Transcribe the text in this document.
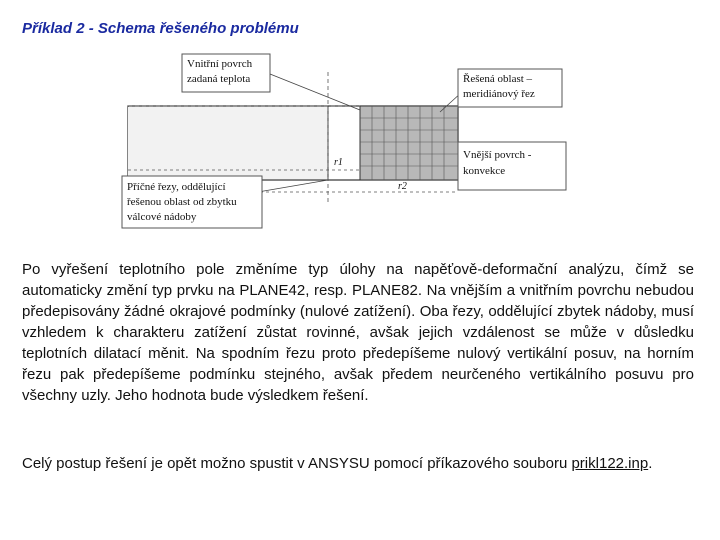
Příklad 2 - Schema řešeného problému
Vnitřní povrch
zadaná teplota
r1
r2
Řešená oblast –
meridiánový řez
Vnější povrch -
konvekce
Příčné řezy, oddělující
řešenou oblast od zbytku
válcové nádoby

Po vyřešení teplotního pole změníme typ úlohy na napěťově-deformační analýzu, čímž se automaticky změní typ prvku na PLANE42, resp. PLANE82. Na vnějším a vnitřním povrchu nebudou předepisovány žádné okrajové podmínky (nulové zatížení). Oba řezy, oddělující zbytek nádoby, musí vzhledem k charakteru zatížení zůstat rovinné, avšak jejich vzdálenost se může v důsledku teplotních dilatací měnit. Na spodním řezu proto předepíšeme nulový vertikální posuv, na horním řezu pak předepíšeme podmínku stejného, avšak předem neurčeného vertikálního posuvu pro všechny uzly. Jeho hodnota bude výsledkem řešení.

Celý postup řešení je opět možno spustit v ANSYSU pomocí příkazového souboru prikl122.inp.
